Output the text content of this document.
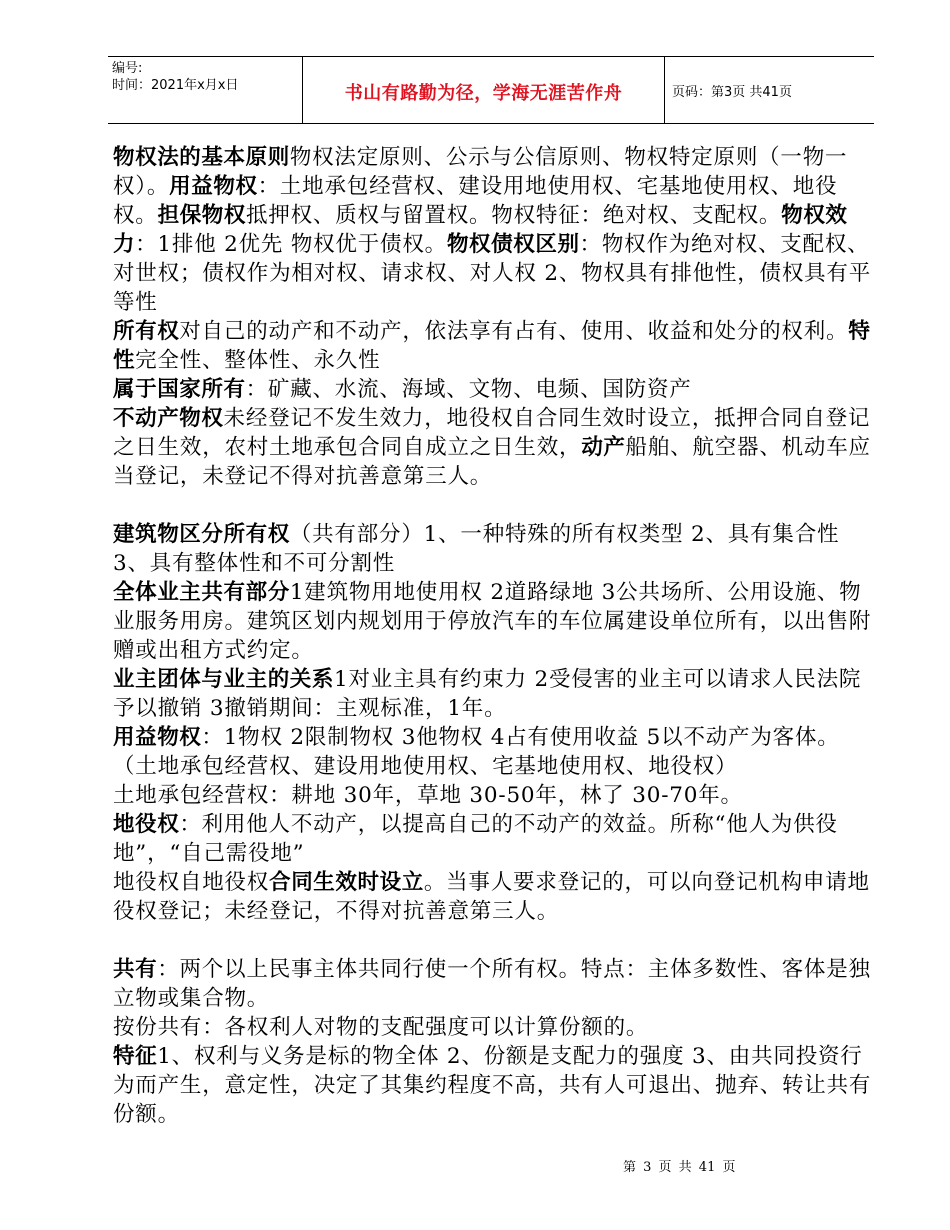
编号:
时间：2021年x月x日	书山有路勤为径，学海无涯苦作舟	页码：第3页 共41页

物权法的基本原则物权法定原则、公示与公信原则、物权特定原则（一物一权）。用益物权：土地承包经营权、建设用地使用权、宅基地使用权、地役权。担保物权抵押权、质权与留置权。物权特征：绝对权、支配权。物权效力：1排他 2优先 物权优于债权。物权债权区别：物权作为绝对权、支配权、对世权；债权作为相对权、请求权、对人权 2、物权具有排他性，债权具有平等性

所有权对自己的动产和不动产，依法享有占有、使用、收益和处分的权利。特性完全性、整体性、永久性

属于国家所有：矿藏、水流、海域、文物、电频、国防资产

不动产物权未经登记不发生效力，地役权自合同生效时设立，抵押合同自登记之日生效，农村土地承包合同自成立之日生效，动产船舶、航空器、机动车应当登记，未登记不得对抗善意第三人。

建筑物区分所有权（共有部分）1、一种特殊的所有权类型 2、具有集合性 3、具有整体性和不可分割性

全体业主共有部分1建筑物用地使用权 2道路绿地 3公共场所、公用设施、物业服务用房。建筑区划内规划用于停放汽车的车位属建设单位所有，以出售附赠或出租方式约定。

业主团体与业主的关系1对业主具有约束力 2受侵害的业主可以请求人民法院予以撤销 3撤销期间：主观标准，1年。

用益物权：1物权 2限制物权 3他物权 4占有使用收益 5以不动产为客体。（土地承包经营权、建设用地使用权、宅基地使用权、地役权）

土地承包经营权：耕地 30年，草地 30-50年，林了 30-70年。

地役权：利用他人不动产，以提高自己的不动产的效益。所称“他人为供役地”，“自己需役地”

地役权自地役权合同生效时设立。当事人要求登记的，可以向登记机构申请地役权登记；未经登记，不得对抗善意第三人。

共有：两个以上民事主体共同行使一个所有权。特点：主体多数性、客体是独立物或集合物。

按份共有：各权利人对物的支配强度可以计算份额的。

特征1、权利与义务是标的物全体 2、份额是支配力的强度 3、由共同投资行为而产生，意定性，决定了其集约程度不高，共有人可退出、抛弃、转让共有份额。

第 3 页 共 41 页
